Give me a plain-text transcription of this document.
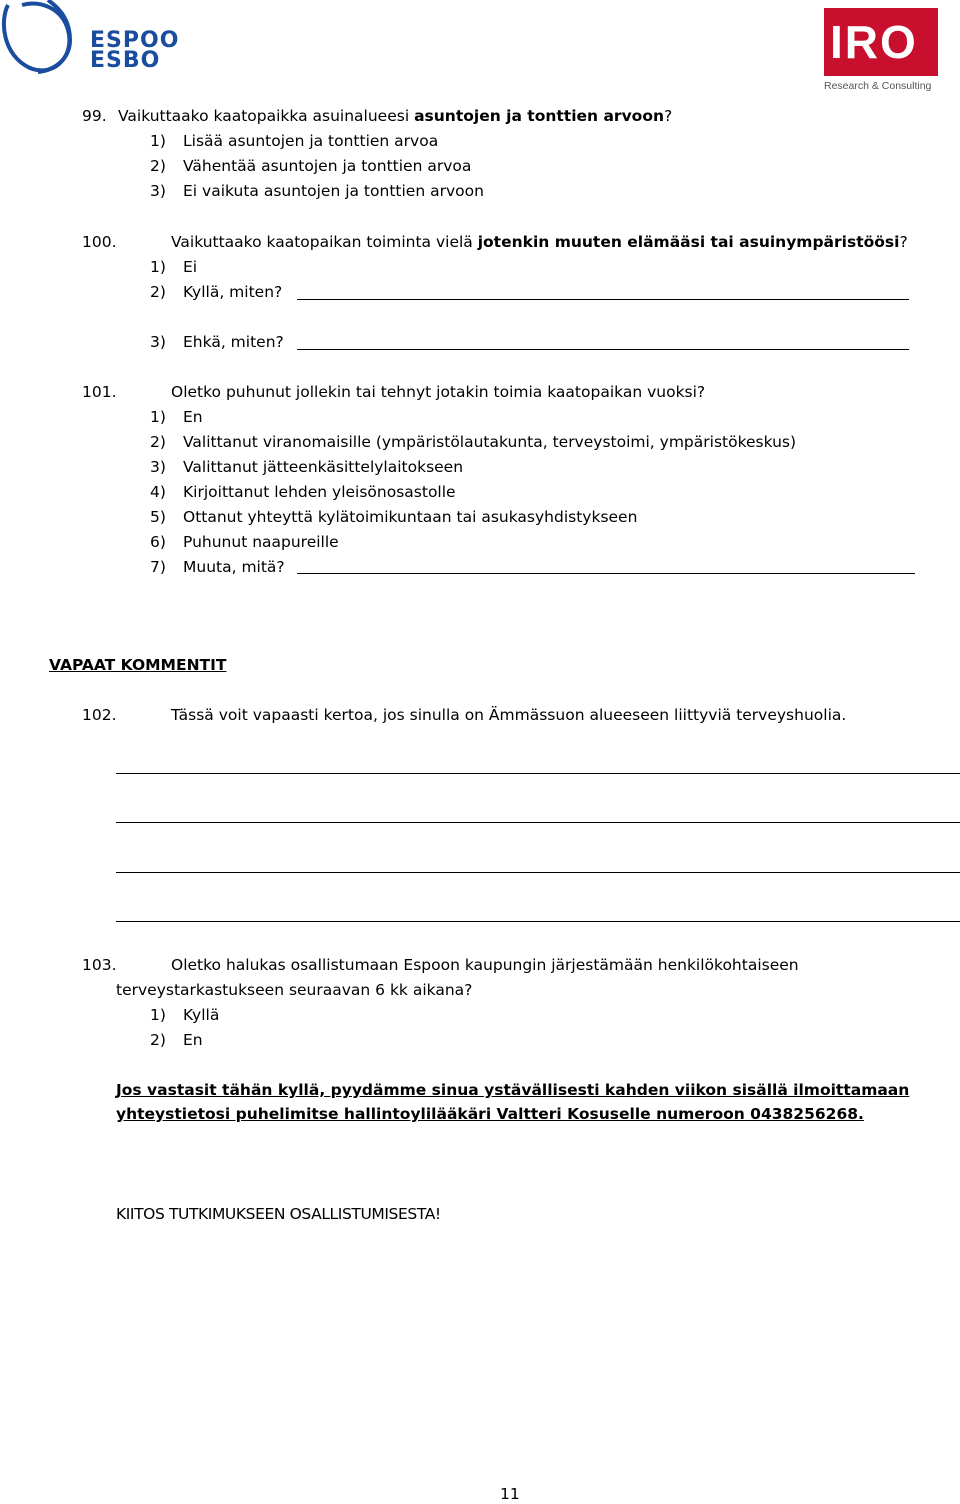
ESPOO
ESBO	IRO
Research & Consulting
99. Vaikuttaako kaatopaikka asuinalueesi asuntojen ja tonttien arvoon?
1) Lisää asuntojen ja tonttien arvoa
2) Vähentää asuntojen ja tonttien arvoa
3) Ei vaikuta asuntojen ja tonttien arvoon
100.	Vaikuttaako kaatopaikan toiminta vielä jotenkin muuten elämääsi tai asuinympäristöösi?
1) Ei
2) Kyllä, miten?
3) Ehkä, miten?
101.	Oletko puhunut jollekin tai tehnyt jotakin toimia kaatopaikan vuoksi?
1) En
2) Valittanut viranomaisille (ympäristölautakunta, terveystoimi, ympäristökeskus)
3) Valittanut jätteenkäsittelylaitokseen
4) Kirjoittanut lehden yleisönosastolle
5) Ottanut yhteyttä kylätoimikuntaan tai asukasyhdistykseen
6) Puhunut naapureille
7) Muuta, mitä?
VAPAAT KOMMENTIT
102.	Tässä voit vapaasti kertoa, jos sinulla on Ämmässuon alueeseen liittyviä terveyshuolia.
103.	Oletko halukas osallistumaan Espoon kaupungin järjestämään henkilökohtaiseen
terveystarkastukseen seuraavan 6 kk aikana?
1) Kyllä
2) En
Jos vastasit tähän kyllä, pyydämme sinua ystävällisesti kahden viikon sisällä ilmoittamaan
yhteystietosi puhelimitse hallintoylilääkäri Valtteri Kosuselle numeroon 0438256268.
KIITOS TUTKIMUKSEEN OSALLISTUMISESTA!
11
